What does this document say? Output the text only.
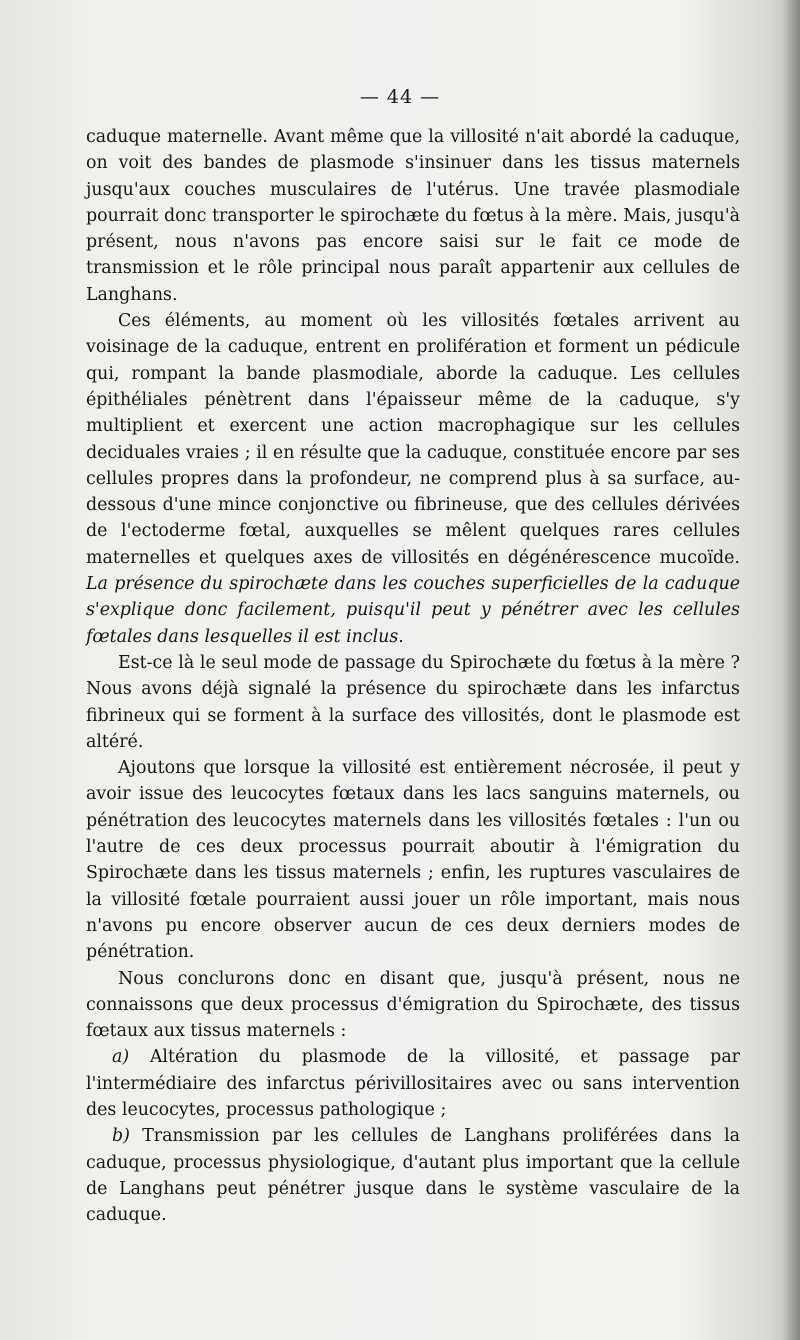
— 44 —

caduque maternelle. Avant même que la villosité n'ait abordé la caduque, on voit des bandes de plasmode s'insinuer dans les tissus maternels jusqu'aux couches musculaires de l'utérus. Une travée plasmodiale pourrait donc transporter le spirochæte du fœtus à la mère. Mais, jusqu'à présent, nous n'avons pas encore saisi sur le fait ce mode de transmission et le rôle principal nous paraît appartenir aux cellules de Langhans.

Ces éléments, au moment où les villosités fœtales arrivent au voisinage de la caduque, entrent en prolifération et forment un pédicule qui, rompant la bande plasmodiale, aborde la caduque. Les cellules épithéliales pénètrent dans l'épaisseur même de la caduque, s'y multiplient et exercent une action macrophagique sur les cellules deciduales vraies ; il en résulte que la caduque, constituée encore par ses cellules propres dans la profondeur, ne comprend plus à sa surface, au-dessous d'une mince conjonctive ou fibrineuse, que des cellules dérivées de l'ectoderme fœtal, auxquelles se mêlent quelques rares cellules maternelles et quelques axes de villosités en dégénérescence mucoïde. La présence du spirochæte dans les couches superficielles de la caduque s'explique donc facilement, puisqu'il peut y pénétrer avec les cellules fœtales dans lesquelles il est inclus.

Est-ce là le seul mode de passage du Spirochæte du fœtus à la mère ? Nous avons déjà signalé la présence du spirochæte dans les infarctus fibrineux qui se forment à la surface des villosités, dont le plasmode est altéré.

Ajoutons que lorsque la villosité est entièrement nécrosée, il peut y avoir issue des leucocytes fœtaux dans les lacs sanguins maternels, ou pénétration des leucocytes maternels dans les villosités fœtales : l'un ou l'autre de ces deux processus pourrait aboutir à l'émigration du Spirochæte dans les tissus maternels ; enfin, les ruptures vasculaires de la villosité fœtale pourraient aussi jouer un rôle important, mais nous n'avons pu encore observer aucun de ces deux derniers modes de pénétration.

Nous conclurons donc en disant que, jusqu'à présent, nous ne connaissons que deux processus d'émigration du Spirochæte, des tissus fœtaux aux tissus maternels :

a) Altération du plasmode de la villosité, et passage par l'intermédiaire des infarctus périvillositaires avec ou sans intervention des leucocytes, processus pathologique ;

b) Transmission par les cellules de Langhans proliférées dans la caduque, processus physiologique, d'autant plus important que la cellule de Langhans peut pénétrer jusque dans le système vasculaire de la caduque.
